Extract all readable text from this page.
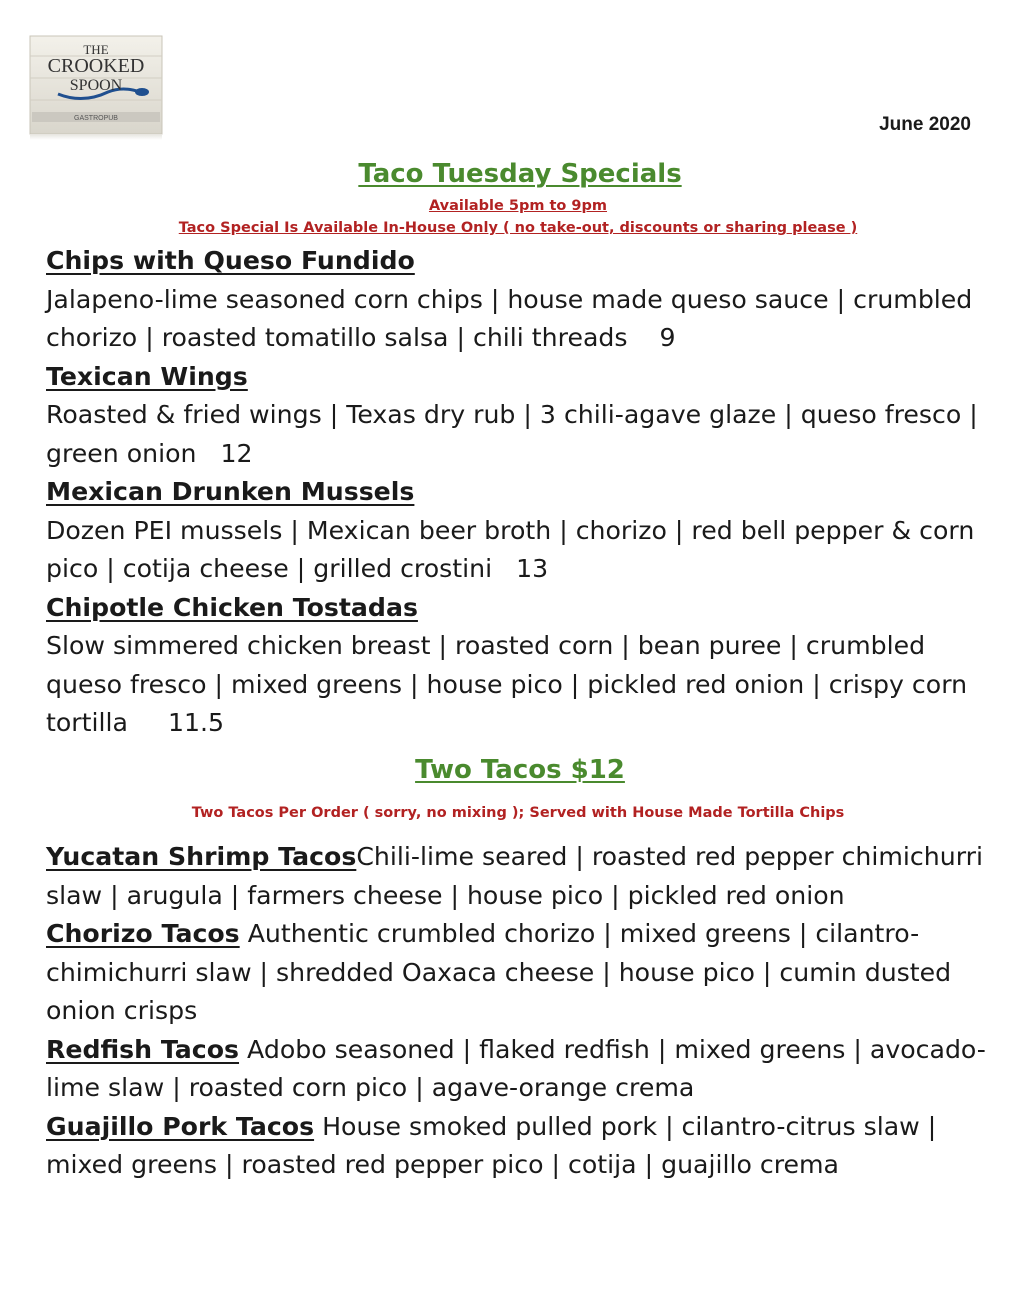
THE
CROOKED
SPOON
GASTROPUB	June 2020
Taco Tuesday Specials
Available 5pm to 9pm
Taco Special Is Available In-House Only ( no take-out, discounts or sharing please )

Chips with Queso Fundido

Jalapeno-lime seasoned corn chips | house made queso sauce | crumbled chorizo | roasted tomatillo salsa | chili threads 9

Texican Wings

Roasted & fried wings | Texas dry rub | 3 chili-agave glaze | queso fresco | green onion 12

Mexican Drunken Mussels

Dozen PEI mussels | Mexican beer broth | chorizo | red bell pepper & corn pico | cotija cheese | grilled crostini 13

Chipotle Chicken Tostadas

Slow simmered chicken breast | roasted corn | bean puree | crumbled queso fresco | mixed greens | house pico | pickled red onion | crispy corn tortilla 11.5

Two Tacos $12
Two Tacos Per Order ( sorry, no mixing ); Served with House Made Tortilla Chips

Yucatan Shrimp TacosChili-lime seared | roasted red pepper chimichurri slaw | arugula | farmers cheese | house pico | pickled red onion

Chorizo Tacos Authentic crumbled chorizo | mixed greens | cilantro-chimichurri slaw | shredded Oaxaca cheese | house pico | cumin dusted onion crisps

Redfish Tacos Adobo seasoned | flaked redfish | mixed greens | avocado-lime slaw | roasted corn pico | agave-orange crema

Guajillo Pork Tacos House smoked pulled pork | cilantro-citrus slaw | mixed greens | roasted red pepper pico | cotija | guajillo crema
